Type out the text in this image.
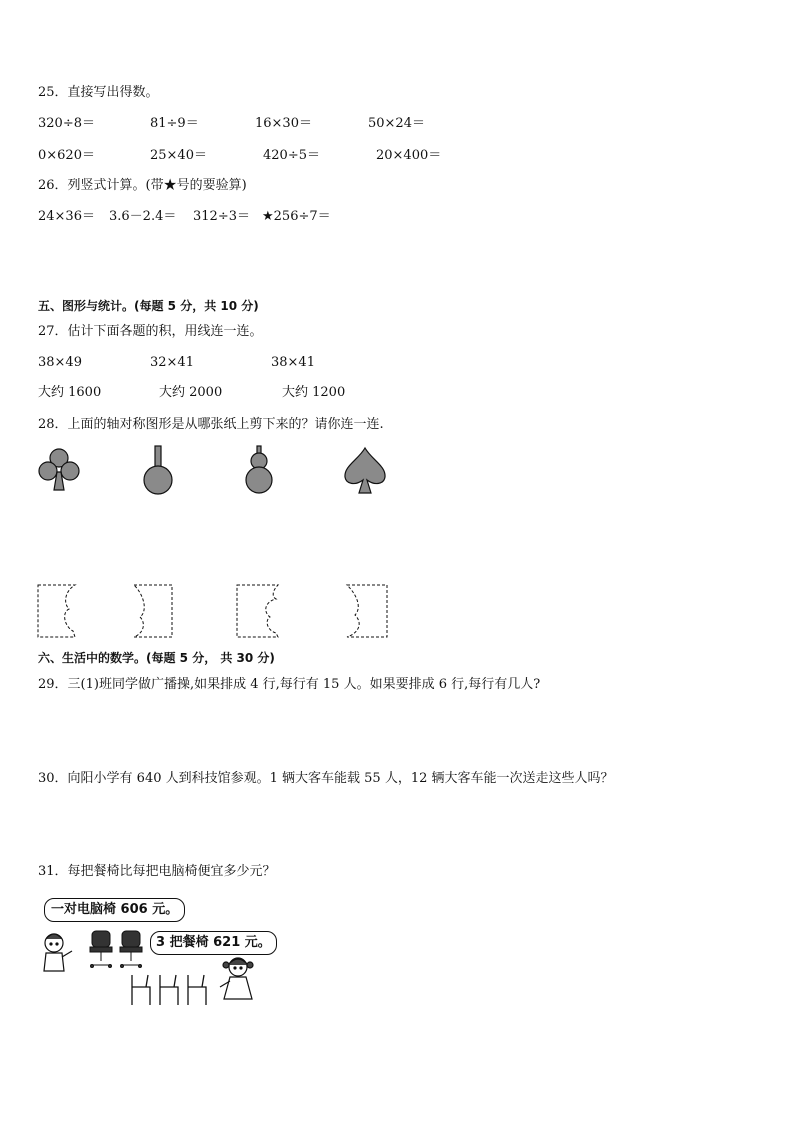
25．直接写出得数。
320÷8＝	81÷9＝	16×30＝	50×24＝
0×620＝	25×40＝	420÷5＝	20×400＝
26．列竖式计算。(带★号的要验算)
24×36＝ 3.6－2.4＝ 312÷3＝ ★256÷7＝
五、图形与统计。(每题 5 分，共 10 分)
27．估计下面各题的积，用线连一连。
38×49	32×41	38×41
大约 1600	大约 2000	大约 1200
28．上面的轴对称图形是从哪张纸上剪下来的？请你连一连.
六、生活中的数学。(每题 5 分， 共 30 分)
29．三(1)班同学做广播操,如果排成 4 行,每行有 15 人。如果要排成 6 行,每行有几人?
30．向阳小学有 640 人到科技馆参观。1 辆大客车能载 55 人，12 辆大客车能一次送走这些人吗？
31．每把餐椅比每把电脑椅便宜多少元？
一对电脑椅 606 元。
3 把餐椅 621 元。
